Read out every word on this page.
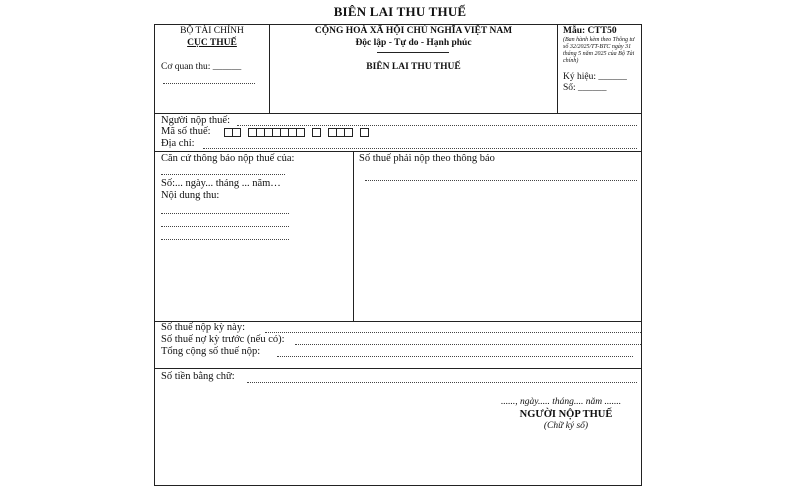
BIÊN LAI THU THUẾ
BỘ TÀI CHÍNH
CỤC THUẾ
Cơ quan thu: ______
CỘNG HOÀ XÃ HỘI CHỦ NGHĨA VIỆT NAM
Độc lập - Tự do - Hạnh phúc
BIÊN LAI THU THUẾ
Mẫu: CTT50
(Ban hành kèm theo Thông tư số 32/2025/TT-BTC ngày 31 tháng 5 năm 2025 của Bộ Tài chính)
Ký hiệu: ______
Số: ______
Người nộp thuế:
Mã số thuế:
Địa chỉ:
Căn cứ thông báo nộp thuế của:
Số:... ngày... tháng ... năm…
Nội dung thu:
Số thuế phải nộp theo thông báo
Số thuế nộp kỳ này:
Số thuế nợ kỳ trước (nếu có):
Tổng cộng số thuế nộp:
Số tiền bằng chữ:
......, ngày..... tháng.... năm .......
NGƯỜI NỘP THUẾ
(Chữ ký số)
